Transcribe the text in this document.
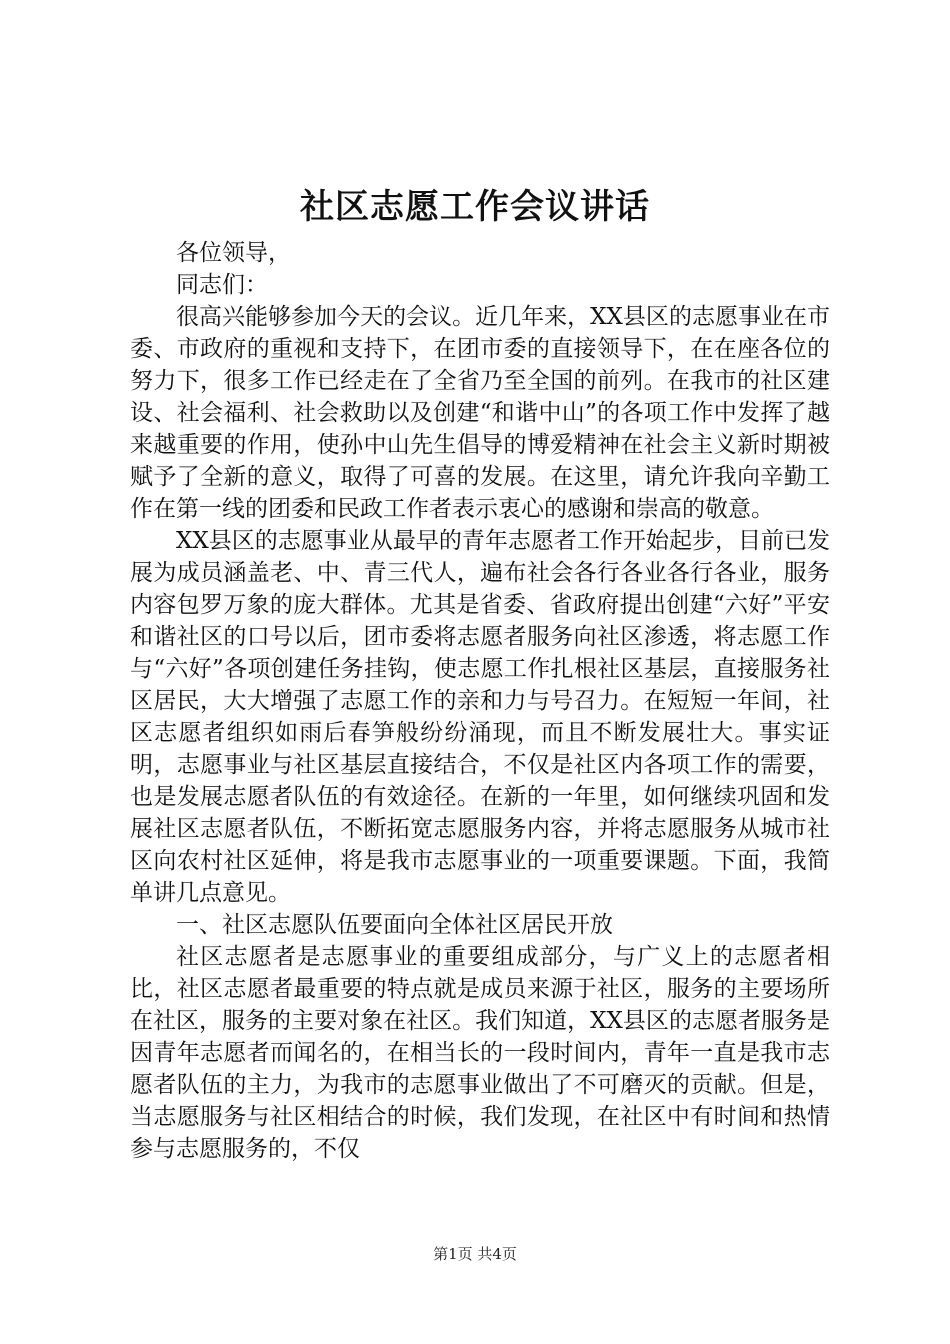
社区志愿工作会议讲话

各位领导，

同志们：

很高兴能够参加今天的会议。近几年来，XX县区的志愿事业在市委、市政府的重视和支持下，在团市委的直接领导下，在在座各位的努力下，很多工作已经走在了全省乃至全国的前列。在我市的社区建设、社会福利、社会救助以及创建“和谐中山”的各项工作中发挥了越来越重要的作用，使孙中山先生倡导的博爱精神在社会主义新时期被赋予了全新的意义，取得了可喜的发展。在这里，请允许我向辛勤工作在第一线的团委和民政工作者表示衷心的感谢和崇高的敬意。

XX县区的志愿事业从最早的青年志愿者工作开始起步，目前已发展为成员涵盖老、中、青三代人，遍布社会各行各业各行各业，服务内容包罗万象的庞大群体。尤其是省委、省政府提出创建“六好”平安和谐社区的口号以后，团市委将志愿者服务向社区渗透，将志愿工作与“六好”各项创建任务挂钩，使志愿工作扎根社区基层，直接服务社区居民，大大增强了志愿工作的亲和力与号召力。在短短一年间，社区志愿者组织如雨后春笋般纷纷涌现，而且不断发展壮大。事实证明，志愿事业与社区基层直接结合，不仅是社区内各项工作的需要，也是发展志愿者队伍的有效途径。在新的一年里，如何继续巩固和发展社区志愿者队伍，不断拓宽志愿服务内容，并将志愿服务从城市社区向农村社区延伸，将是我市志愿事业的一项重要课题。下面，我简单讲几点意见。

一、社区志愿队伍要面向全体社区居民开放

社区志愿者是志愿事业的重要组成部分，与广义上的志愿者相比，社区志愿者最重要的特点就是成员来源于社区，服务的主要场所在社区，服务的主要对象在社区。我们知道，XX县区的志愿者服务是因青年志愿者而闻名的，在相当长的一段时间内，青年一直是我市志愿者队伍的主力，为我市的志愿事业做出了不可磨灭的贡献。但是，当志愿服务与社区相结合的时候，我们发现，在社区中有时间和热情参与志愿服务的，不仅

第1页 共4页
